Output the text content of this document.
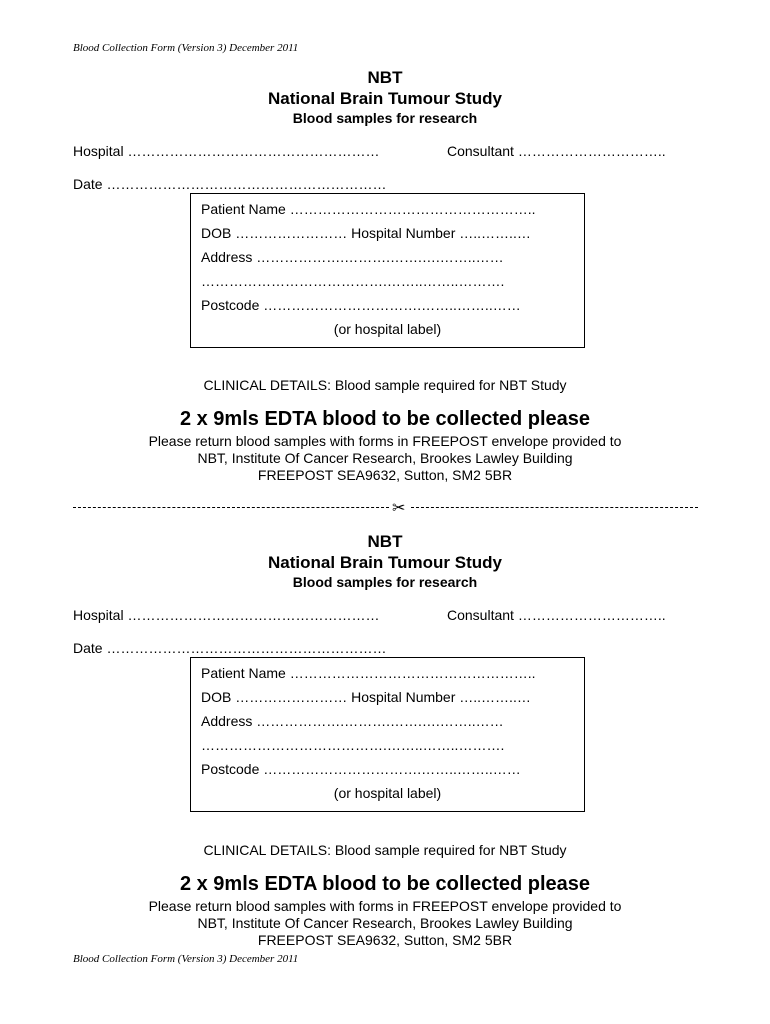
Blood Collection Form (Version 3) December 2011
NBT
National Brain Tumour Study
Blood samples for research
Hospital ………………………………………………	Consultant …………………………..
Date ……………………………………………………
Patient Name ……………………………………………..
DOB …………………… Hospital Number …..……..…
Address ……………….……….…….….……..……
………………………………….……..……..……….
Postcode …………………………….……..……..……
(or hospital label)
CLINICAL DETAILS: Blood sample required for NBT Study
2 x 9mls EDTA blood to be collected please
Please return blood samples with forms in FREEPOST envelope provided to
NBT, Institute Of Cancer Research, Brookes Lawley Building
FREEPOST SEA9632, Sutton, SM2 5BR
✂
NBT
National Brain Tumour Study
Blood samples for research
Hospital ………………………………………………	Consultant …………………………..
Date ……………………………………………………
Patient Name ……………………………………………..
DOB …………………… Hospital Number …..……..…
Address ……………….……….…….….……..……
………………………………….……..……..……….
Postcode …………………………….……..……..……
(or hospital label)
CLINICAL DETAILS: Blood sample required for NBT Study
2 x 9mls EDTA blood to be collected please
Please return blood samples with forms in FREEPOST envelope provided to
NBT, Institute Of Cancer Research, Brookes Lawley Building
FREEPOST SEA9632, Sutton, SM2 5BR
Blood Collection Form (Version 3) December 2011
